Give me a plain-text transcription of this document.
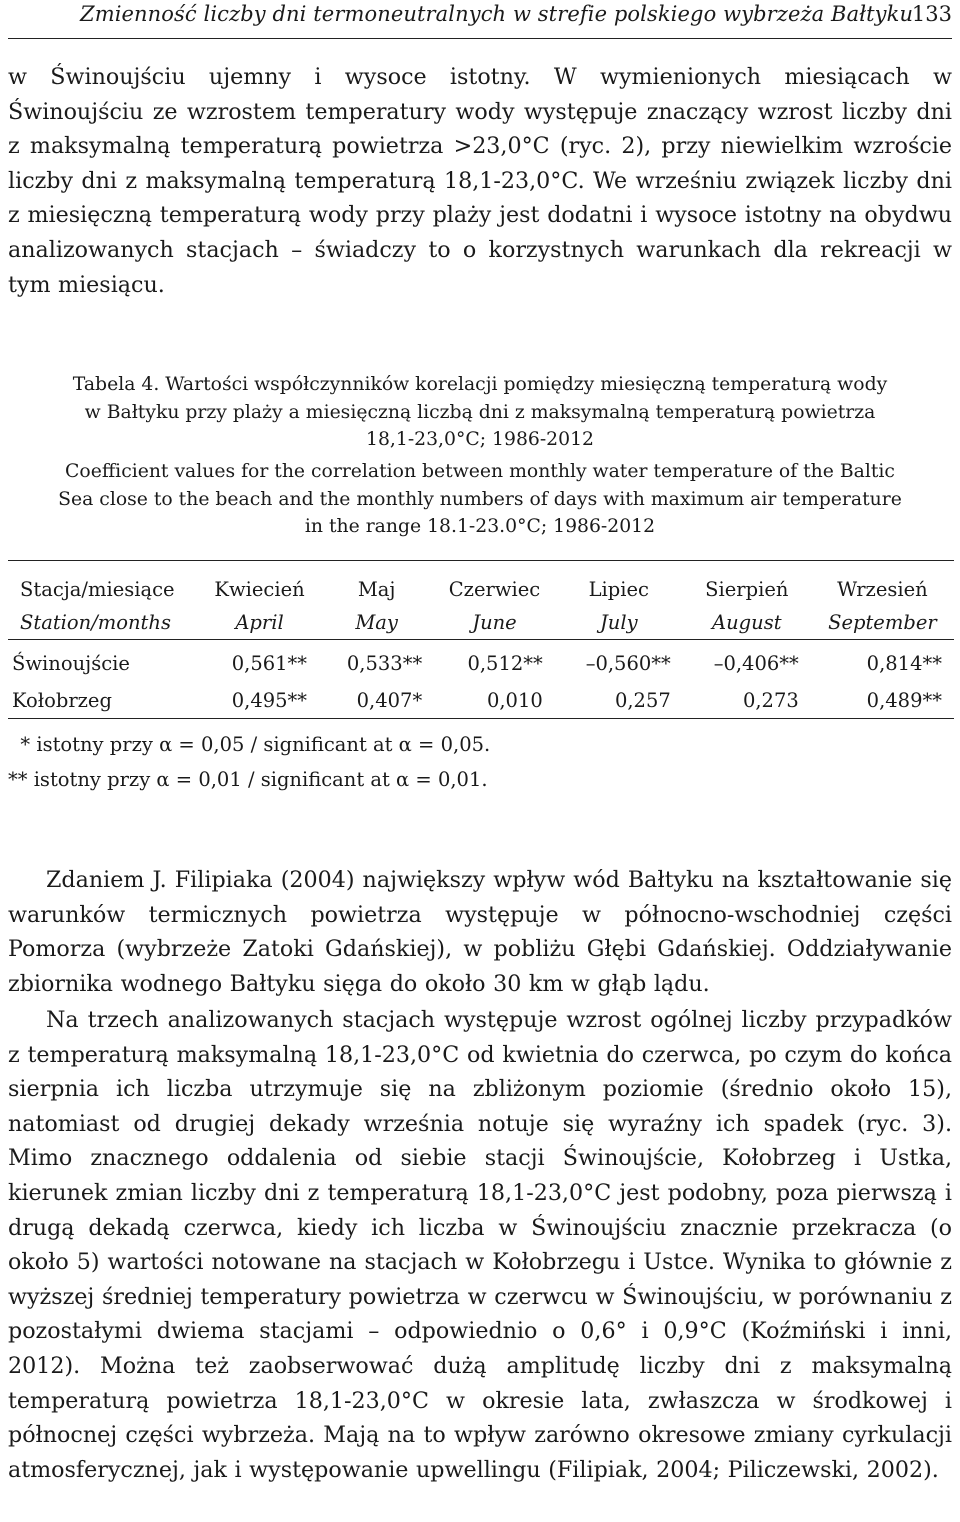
Zmienność liczby dni termoneutralnych w strefie polskiego wybrzeża Bałtyku
133
w Świnoujściu ujemny i wysoce istotny. W wymienionych miesiącach w Świnoujściu ze wzrostem temperatury wody występuje znaczący wzrost liczby dni z maksymalną temperaturą powietrza >23,0°C (ryc. 2), przy niewielkim wzroście liczby dni z maksymalną temperaturą 18,1-23,0°C. We wrześniu związek liczby dni z miesięczną temperaturą wody przy plaży jest dodatni i wysoce istotny na obydwu analizowanych stacjach – świadczy to o korzystnych warunkach dla rekreacji w tym miesiącu.

Tabela 4. Wartości współczynników korelacji pomiędzy miesięczną temperaturą wody

w Bałtyku przy plaży a miesięczną liczbą dni z maksymalną temperaturą powietrza

18,1-23,0°C; 1986-2012

Coefficient values for the correlation between monthly water temperature of the Baltic

Sea close to the beach and the monthly numbers of days with maximum air temperature

in the range 18.1-23.0°C; 1986-2012

Stacja/miesiące	Kwiecień	Maj	Czerwiec	Lipiec	Sierpień	Wrzesień
Station/months	April	May	June	July	August	September
Świnoujście	0,561**	0,533**	0,512**	–0,560**	–0,406**	0,814**
Kołobrzeg	0,495**	0,407*	0,010	0,257	0,273	0,489**
* istotny przy α = 0,05 / significant at α = 0,05.
** istotny przy α = 0,01 / significant at α = 0,01.
Zdaniem J. Filipiaka (2004) największy wpływ wód Bałtyku na kształtowanie się warunków termicznych powietrza występuje w północno-wschodniej części Pomorza (wybrzeże Zatoki Gdańskiej), w pobliżu Głębi Gdańskiej. Oddziaływanie zbiornika wodnego Bałtyku sięga do około 30 km w głąb lądu.
Na trzech analizowanych stacjach występuje wzrost ogólnej liczby przypadków z temperaturą maksymalną 18,1-23,0°C od kwietnia do czerwca, po czym do końca sierpnia ich liczba utrzymuje się na zbliżonym poziomie (średnio około 15), natomiast od drugiej dekady września notuje się wyraźny ich spadek (ryc. 3). Mimo znacznego oddalenia od siebie stacji Świnoujście, Kołobrzeg i Ustka, kierunek zmian liczby dni z temperaturą 18,1-23,0°C jest podobny, poza pierwszą i drugą dekadą czerwca, kiedy ich liczba w Świnoujściu znacznie przekracza (o około 5) wartości notowane na stacjach w Kołobrzegu i Ustce. Wynika to głównie z wyższej średniej temperatury powietrza w czerwcu w Świnoujściu, w porównaniu z pozostałymi dwiema stacjami – odpowiednio o 0,6° i 0,9°C (Koźmiński i inni, 2012). Można też zaobserwować dużą amplitudę liczby dni z maksymalną temperaturą powietrza 18,1-23,0°C w okresie lata, zwłaszcza w środkowej i północnej części wybrzeża. Mają na to wpływ zarówno okresowe zmiany cyrkulacji atmosferycznej, jak i występowanie upwellingu (Filipiak, 2004; Piliczewski, 2002).
